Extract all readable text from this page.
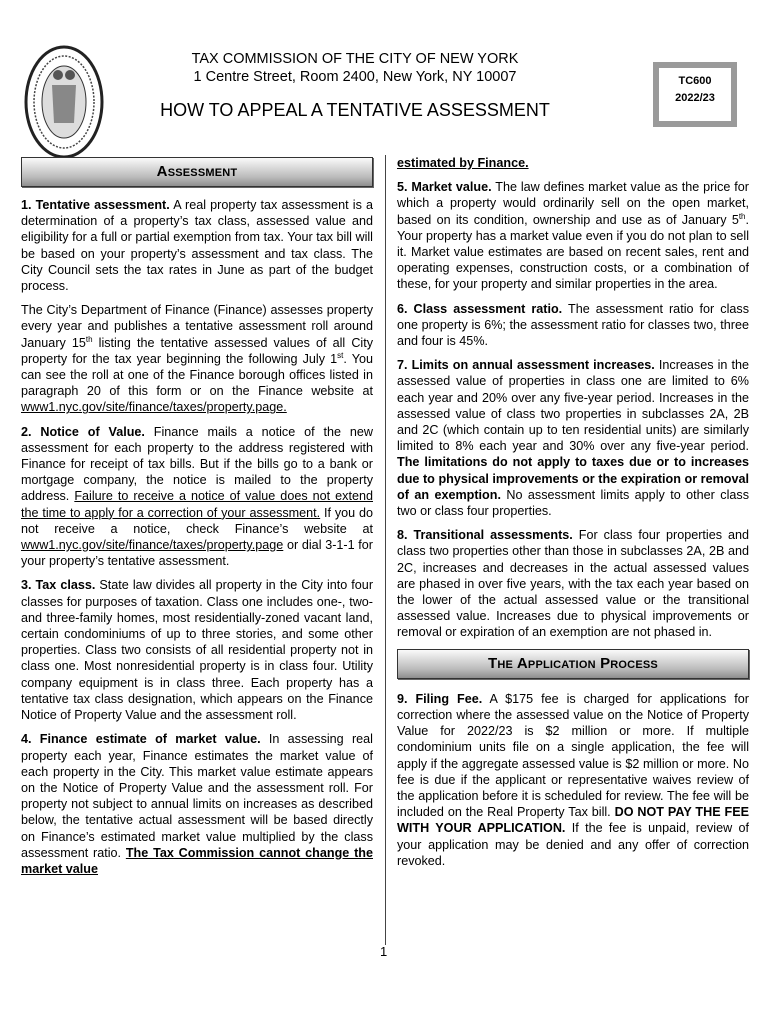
TAX COMMISSION OF THE CITY OF NEW YORK
1 Centre Street, Room 2400, New York, NY 10007
HOW TO APPEAL A TENTATIVE ASSESSMENT
TC600
2022/23
Assessment

1. Tentative assessment. A real property tax assessment is a determination of a property’s tax class, assessed value and eligibility for a full or partial exemption from tax. Your tax bill will be based on your property’s assessment and tax class. The City Council sets the tax rates in June as part of the budget process.

The City’s Department of Finance (Finance) assesses property every year and publishes a tentative assessment roll around January 15th listing the tentative assessed values of all City property for the tax year beginning the following July 1st. You can see the roll at one of the Finance borough offices listed in paragraph 20 of this form or on the Finance website at www1.nyc.gov/site/finance/taxes/property.page.

2. Notice of Value. Finance mails a notice of the new assessment for each property to the address registered with Finance for receipt of tax bills. But if the bills go to a bank or mortgage company, the notice is mailed to the property address. Failure to receive a notice of value does not extend the time to apply for a correction of your assessment. If you do not receive a notice, check Finance’s website at www1.nyc.gov/site/finance/taxes/property.page or dial 3-1-1 for your property’s tentative assessment.

3. Tax class. State law divides all property in the City into four classes for purposes of taxation. Class one includes one-, two- and three-family homes, most residentially-zoned vacant land, certain condominiums of up to three stories, and some other properties. Class two consists of all residential property not in class one. Most nonresidential property is in class four. Utility company equipment is in class three. Each property has a tentative tax class designation, which appears on the Finance Notice of Property Value and the assessment roll.

4. Finance estimate of market value. In assessing real property each year, Finance estimates the market value of each property in the City. This market value estimate appears on the Notice of Property Value and the assessment roll. For property not subject to annual limits on increases as described below, the tentative actual assessment will be based directly on Finance’s estimated market value multiplied by the class assessment ratio. The Tax Commission cannot change the market value

estimated by Finance.

5. Market value. The law defines market value as the price for which a property would ordinarily sell on the open market, based on its condition, ownership and use as of January 5th. Your property has a market value even if you do not plan to sell it. Market value estimates are based on recent sales, rent and operating expenses, construction costs, or a combination of these, for your property and similar properties in the area.

6. Class assessment ratio. The assessment ratio for class one property is 6%; the assessment ratio for classes two, three and four is 45%.

7. Limits on annual assessment increases. Increases in the assessed value of properties in class one are limited to 6% each year and 20% over any five-year period. Increases in the assessed value of class two properties in subclasses 2A, 2B and 2C (which contain up to ten residential units) are similarly limited to 8% each year and 30% over any five-year period. The limitations do not apply to taxes due or to increases due to physical improvements or the expiration or removal of an exemption. No assessment limits apply to other class two or class four properties.

8. Transitional assessments. For class four properties and class two properties other than those in subclasses 2A, 2B and 2C, increases and decreases in the actual assessed values are phased in over five years, with the tax each year based on the lower of the actual assessed value or the transitional assessed value. Increases due to physical improvements or removal or expiration of an exemption are not phased in.

The Application Process

9. Filing Fee. A $175 fee is charged for applications for correction where the assessed value on the Notice of Property Value for 2022/23 is $2 million or more. If multiple condominium units file on a single application, the fee will apply if the aggregate assessed value is $2 million or more. No fee is due if the applicant or representative waives review of the application before it is scheduled for review. The fee will be included on the Real Property Tax bill. DO NOT PAY THE FEE WITH YOUR APPLICATION. If the fee is unpaid, review of your application may be denied and any offer of correction revoked.

1
